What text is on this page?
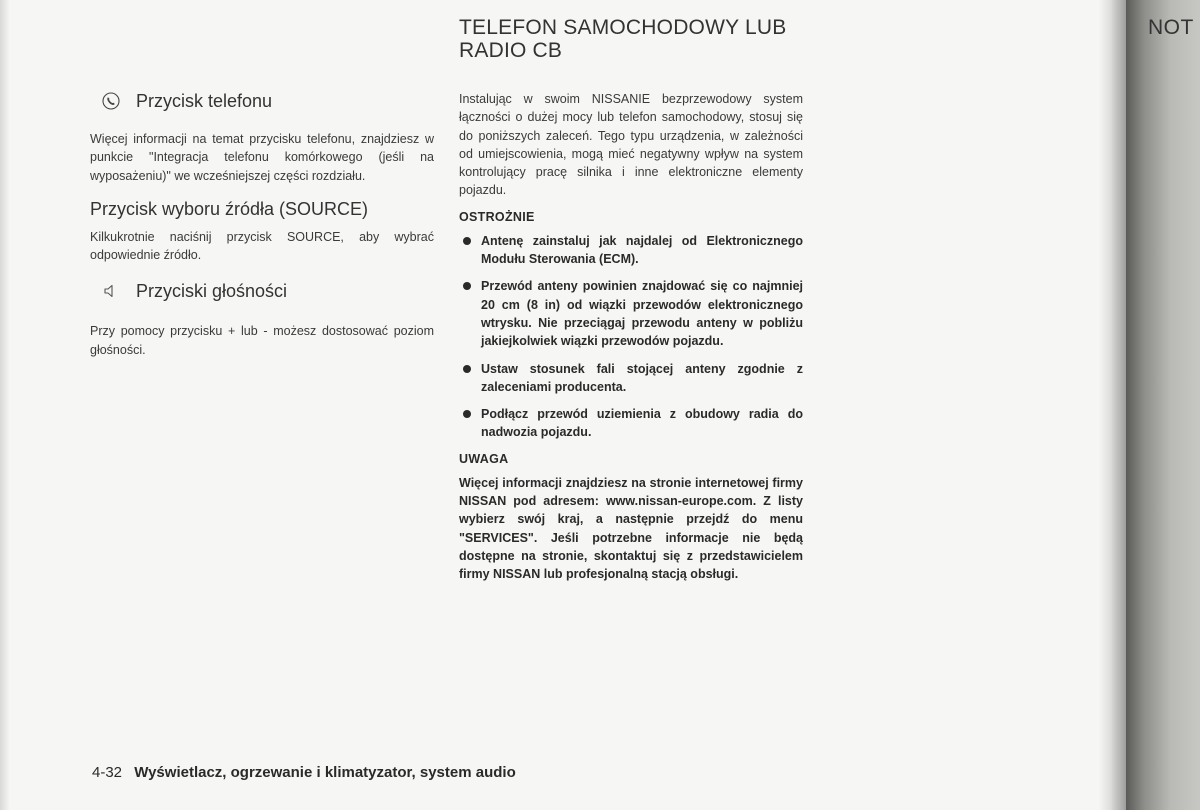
Przycisk telefonu

Więcej informacji na temat przycisku telefonu, znajdziesz w punkcie "Integracja telefonu komórkowego (jeśli na wyposażeniu)" we wcześniejszej części rozdziału.

Przycisk wyboru źródła (SOURCE)

Kilkukrotnie naciśnij przycisk SOURCE, aby wybrać odpowiednie źródło.

Przyciski głośności

Przy pomocy przycisku + lub - możesz dostosować poziom głośności.

TELEFON SAMOCHODOWY LUB
RADIO CB

Instalując w swoim NISSANIE bezprzewodowy system łączności o dużej mocy lub telefon samochodowy, stosuj się do poniższych zaleceń. Tego typu urządzenia, w zależności od umiejscowienia, mogą mieć negatywny wpływ na system kontrolujący pracę silnika i inne elektroniczne elementy pojazdu.

OSTROŻNIE

Antenę zainstaluj jak najdalej od Elektronicznego Modułu Sterowania (ECM).
Przewód anteny powinien znajdować się co najmniej 20 cm (8 in) od wiązki przewodów elektronicznego wtrysku. Nie przeciągaj przewodu anteny w pobliżu jakiejkolwiek wiązki przewodów pojazdu.
Ustaw stosunek fali stojącej anteny zgodnie z zaleceniami producenta.
Podłącz przewód uziemienia z obudowy radia do nadwozia pojazdu.

UWAGA

Więcej informacji znajdziesz na stronie internetowej firmy NISSAN pod adresem: www.nissan-europe.com. Z listy wybierz swój kraj, a następnie przejdź do menu "SERVICES". Jeśli potrzebne informacje nie będą dostępne na stronie, skontaktuj się z przedstawicielem firmy NISSAN lub profesjonalną stacją obsługi.

4-32 Wyświetlacz, ogrzewanie i klimatyzator, system audio
NOT
